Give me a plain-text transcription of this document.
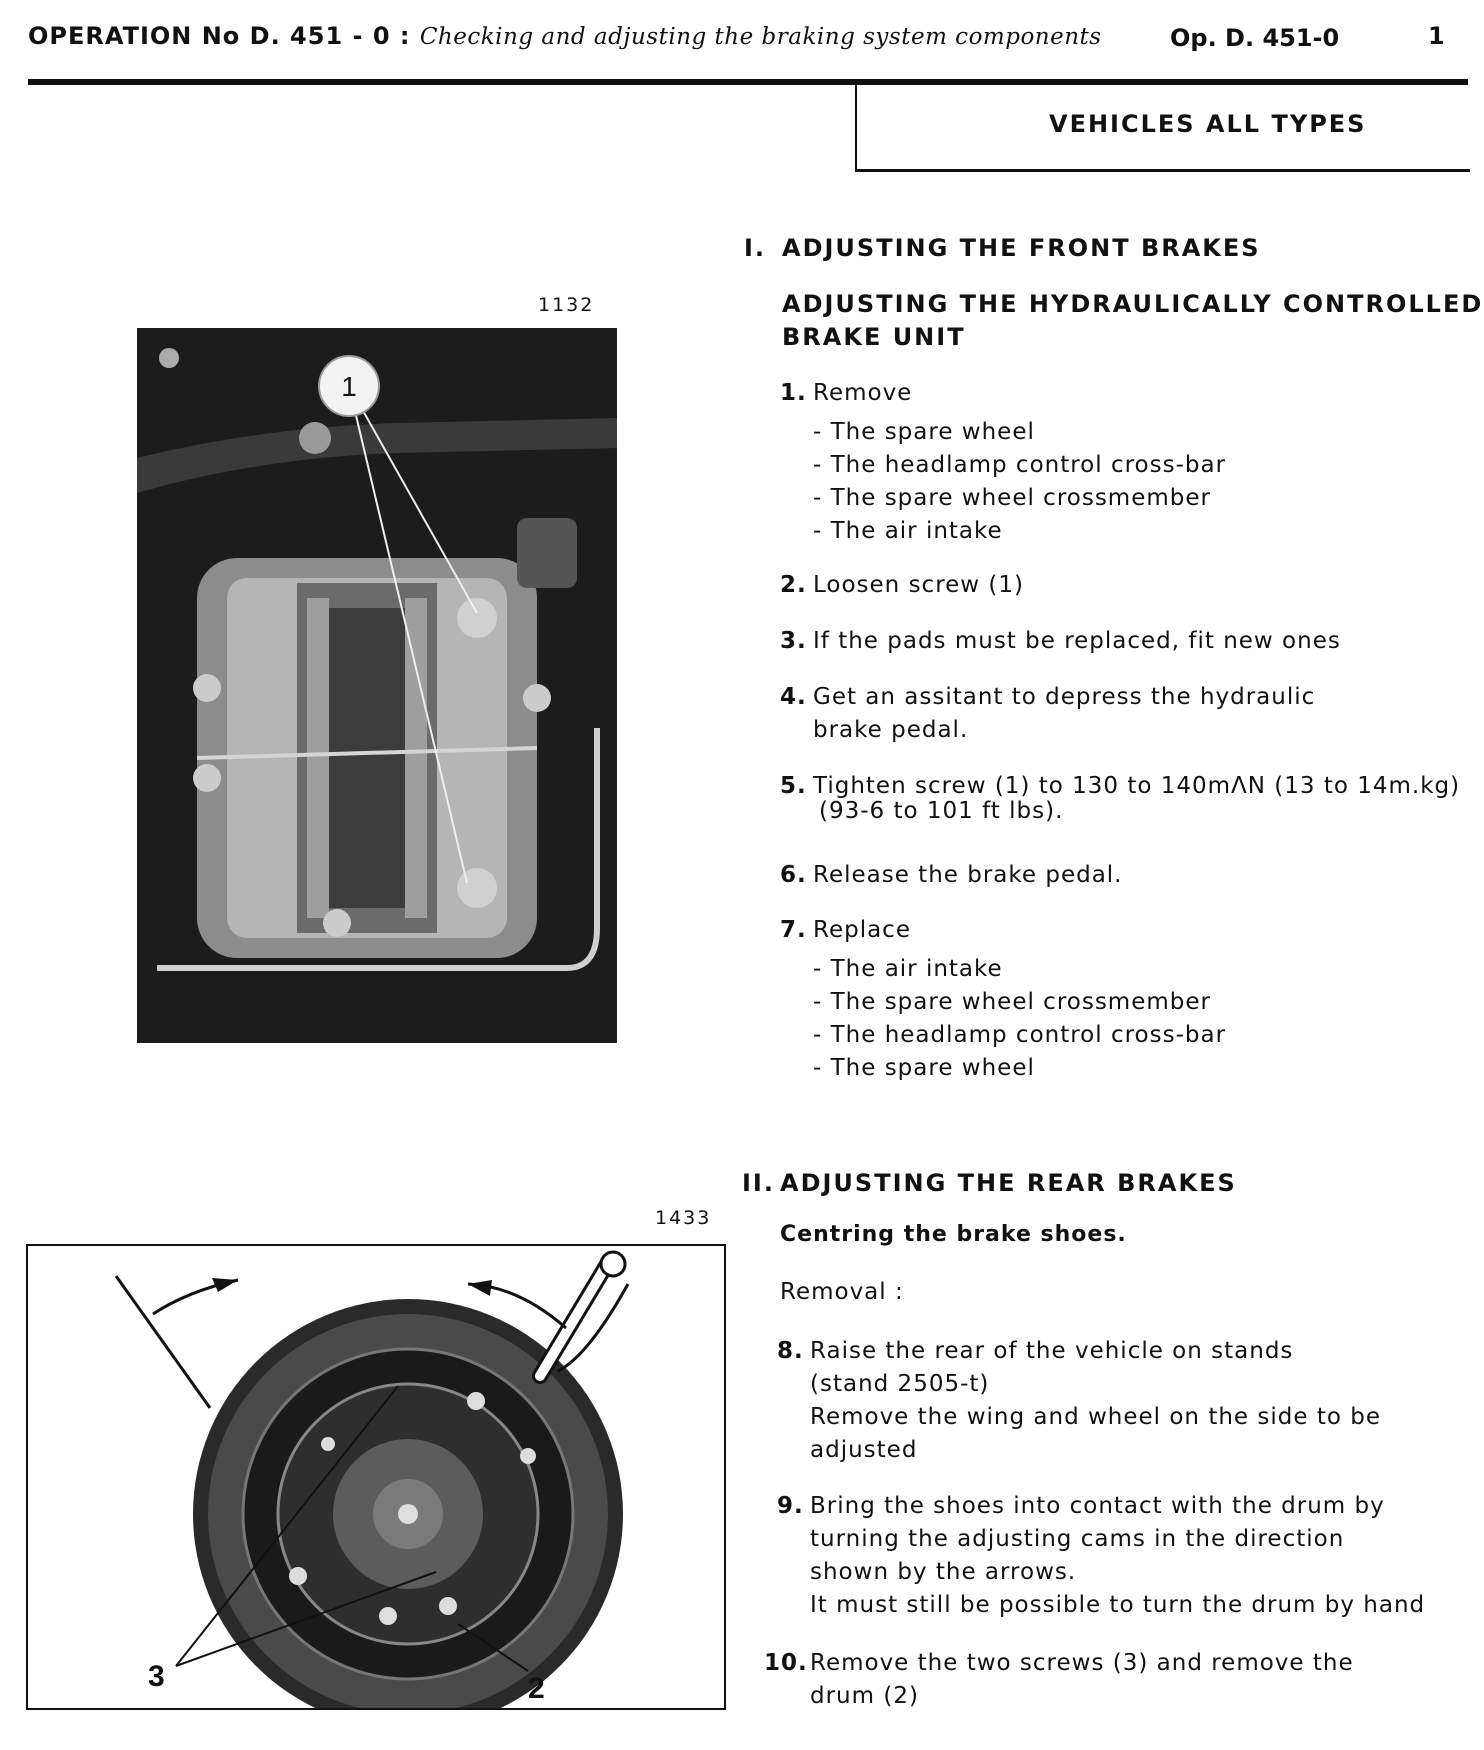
OPERATION No D. 451 - 0 : Checking and adjusting the braking system components	Op. D. 451-0	1
VEHICLES ALL TYPES
1132
1
1433
3	2
I. ADJUSTING THE FRONT BRAKES
ADJUSTING THE HYDRAULICALLY CONTROLLED
BRAKE UNIT
1. Remove
- The spare wheel
- The headlamp control cross-bar
- The spare wheel crossmember
- The air intake
2. Loosen screw (1)
3. If the pads must be replaced, fit new ones
4. Get an assitant to depress the hydraulic
brake pedal.
5. Tighten screw (1) to 130 to 140mΛN (13 to 14m.kg)
(93-6 to 101 ft lbs).
6. Release the brake pedal.
7. Replace
- The air intake
- The spare wheel crossmember
- The headlamp control cross-bar
- The spare wheel
II. ADJUSTING THE REAR BRAKES
Centring the brake shoes.
Removal :
8. Raise the rear of the vehicle on stands
(stand 2505-t)
Remove the wing and wheel on the side to be
adjusted
9. Bring the shoes into contact with the drum by
turning the adjusting cams in the direction
shown by the arrows.
It must still be possible to turn the drum by hand
10. Remove the two screws (3) and remove the
drum (2)
